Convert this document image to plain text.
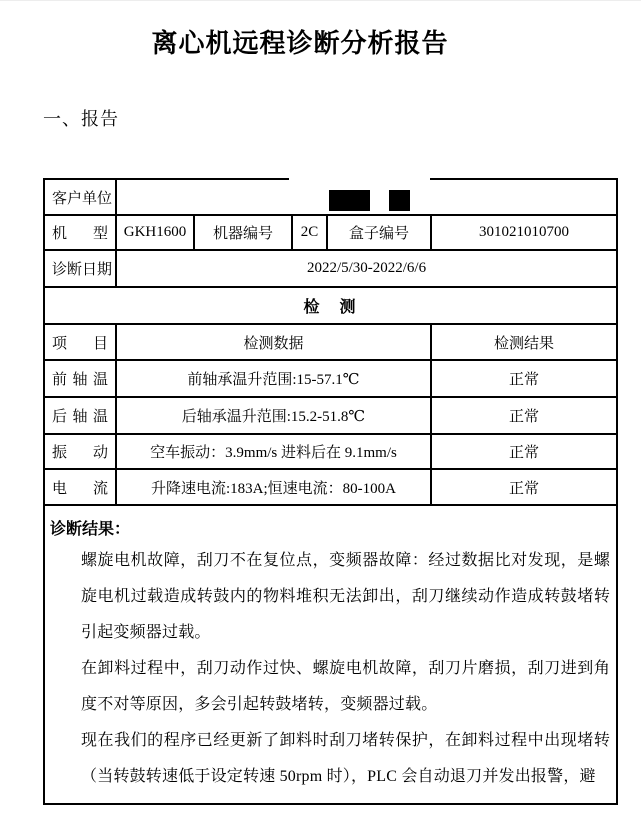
离心机远程诊断分析报告
一、报告
客 户 单 位					

机 型	GKH1600	机器编号	2C	盒子编号	301021010700

诊 断 日 期	2022/5/30-2022/6/6				
检　测					

项 目	检测数据				检测结果

前 轴 温	前轴承温升范围:15-57.1℃				正常

后 轴 温	后轴承温升范围:15.2-51.8℃				正常

振 动	空车振动：3.9mm/s 进料后在 9.1mm/s				正常

电 流	升降速电流:183A;恒速电流：80-100A				正常

诊断结果：

螺旋电机故障，刮刀不在复位点，变频器故障：经过数据比对发现，是螺旋电机过载造成转鼓内的物料堆积无法卸出，刮刀继续动作造成转鼓堵转引起变频器过载。

在卸料过程中，刮刀动作过快、螺旋电机故障，刮刀片磨损，刮刀进到角度不对等原因，多会引起转鼓堵转，变频器过载。

现在我们的程序已经更新了卸料时刮刀堵转保护，在卸料过程中出现堵转（当转鼓转速低于设定转速 50rpm 时），PLC 会自动退刀并发出报警，避					
